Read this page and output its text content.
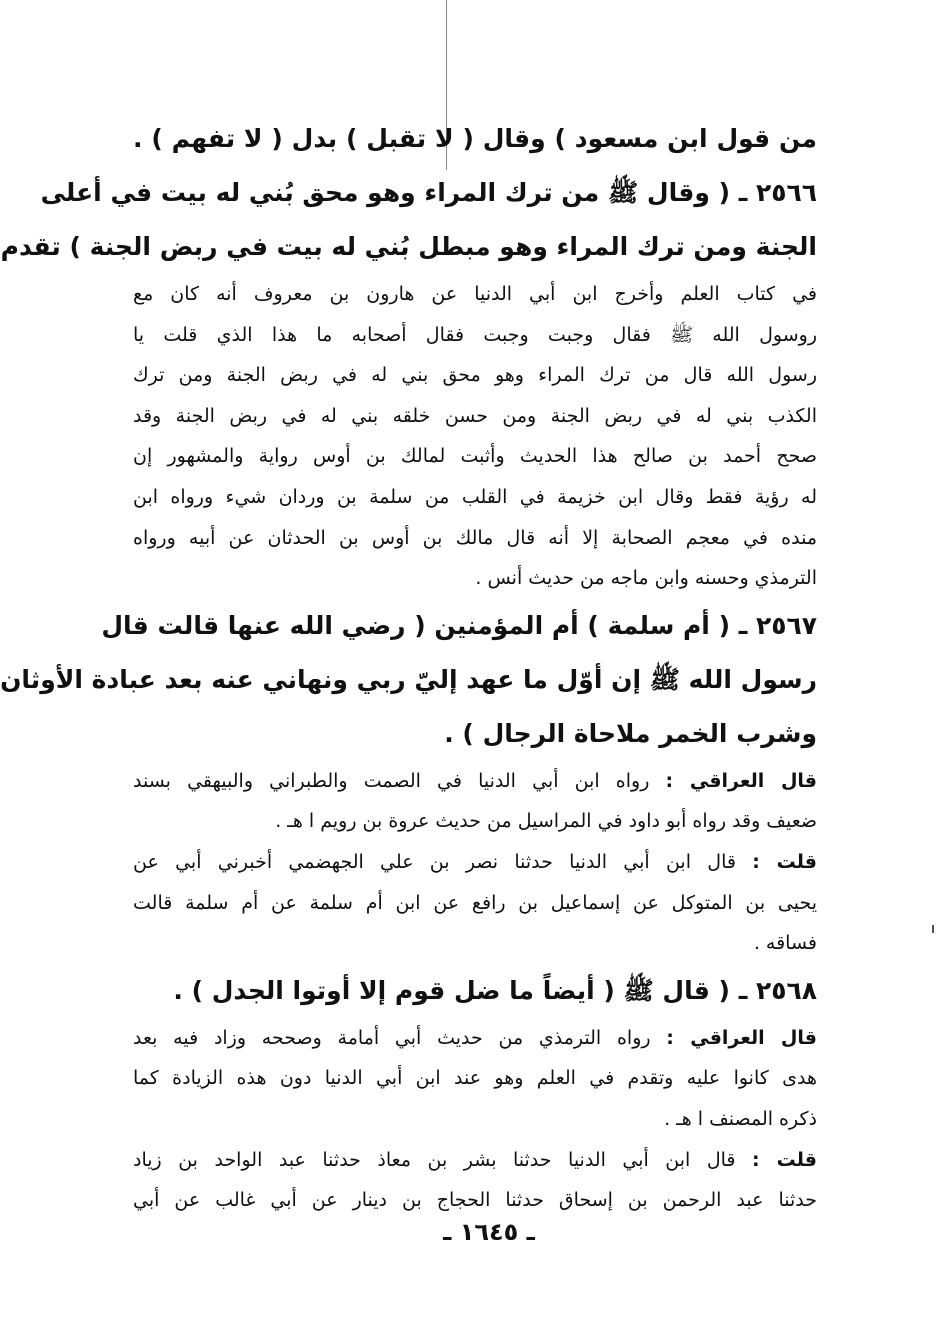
من قول ابن مسعود ) وقال ( لا تقبل ) بدل ( لا تفهم ) .
٢٥٦٦ ـ ( وقال ﷺ من ترك المراء وهو محق بُني له بيت في أعلى
الجنة ومن ترك المراء وهو مبطل بُني له بيت في ربض الجنة ) تقدم
في كتاب العلم وأخرج ابن أبي الدنيا عن هارون بن معروف أنه كان مع
روسول الله ﷺ فقال وجبت وجبت فقال أصحابه ما هذا الذي قلت يا
رسول الله قال من ترك المراء وهو محق بني له في ربض الجنة ومن ترك
الكذب بني له في ربض الجنة ومن حسن خلقه بني له في ربض الجنة وقد
صحح أحمد بن صالح هذا الحديث وأثبت لمالك بن أوس رواية والمشهور إن
له رؤية فقط وقال ابن خزيمة في القلب من سلمة بن وردان شيء ورواه ابن
منده في معجم الصحابة إلا أنه قال مالك بن أوس بن الحدثان عن أبيه ورواه
الترمذي وحسنه وابن ماجه من حديث أنس .
٢٥٦٧ ـ ( أم سلمة ) أم المؤمنين ( رضي الله عنها قالت قال
رسول الله ﷺ إن أوّل ما عهد إليّ ربي ونهاني عنه بعد عبادة الأوثان
وشرب الخمر ملاحاة الرجال ) .
قال العراقي : رواه ابن أبي الدنيا في الصمت والطبراني والبيهقي بسند
ضعيف وقد رواه أبو داود في المراسيل من حديث عروة بن رويم ا هـ .
قلت : قال ابن أبي الدنيا حدثنا نصر بن علي الجهضمي أخبرني أبي عن
يحيى بن المتوكل عن إسماعيل بن رافع عن ابن أم سلمة عن أم سلمة قالت
فساقه .
٢٥٦٨ ـ ( قال ﷺ ( أيضاً ما ضل قوم إلا أوتوا الجدل ) .
قال العراقي : رواه الترمذي من حديث أبي أمامة وصححه وزاد فيه بعد
هدى كانوا عليه وتقدم في العلم وهو عند ابن أبي الدنيا دون هذه الزيادة كما
ذكره المصنف ا هـ .
قلت : قال ابن أبي الدنيا حدثنا بشر بن معاذ حدثنا عبد الواحد بن زياد
حدثنا عبد الرحمن بن إسحاق حدثنا الحجاج بن دينار عن أبي غالب عن أبي
ـ ١٦٤٥ ـ
